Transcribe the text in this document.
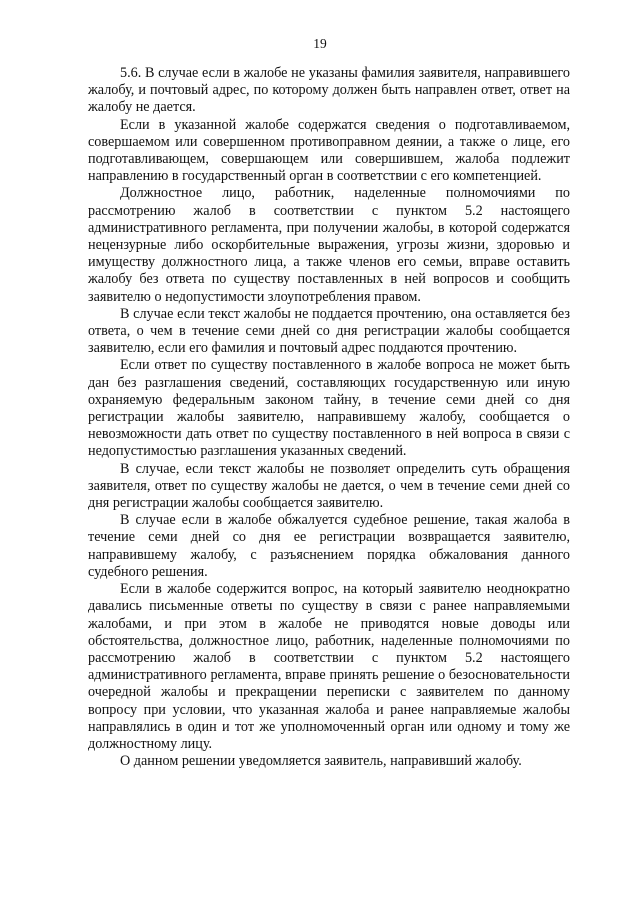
19

5.6. В случае если в жалобе не указаны фамилия заявителя, направившего жалобу, и почтовый адрес, по которому должен быть направлен ответ, ответ на жалобу не дается.

Если в указанной жалобе содержатся сведения о подготавливаемом, совершаемом или совершенном противоправном деянии, а также о лице, его подготавливающем, совершающем или совершившем, жалоба подлежит направлению в государственный орган в соответствии с его компетенцией.

Должностное лицо, работник, наделенные полномочиями по рассмотрению жалоб в соответствии с пунктом 5.2 настоящего административного регламента, при получении жалобы, в которой содержатся нецензурные либо оскорбительные выражения, угрозы жизни, здоровью и имуществу должностного лица, а также членов его семьи, вправе оставить жалобу без ответа по существу поставленных в ней вопросов и сообщить заявителю о недопустимости злоупотребления правом.

В случае если текст жалобы не поддается прочтению, она оставляется без ответа, о чем в течение семи дней со дня регистрации жалобы сообщается заявителю, если его фамилия и почтовый адрес поддаются прочтению.

Если ответ по существу поставленного в жалобе вопроса не может быть дан без разглашения сведений, составляющих государственную или иную охраняемую федеральным законом тайну, в течение семи дней со дня регистрации жалобы заявителю, направившему жалобу, сообщается о невозможности дать ответ по существу поставленного в ней вопроса в связи с недопустимостью разглашения указанных сведений.

В случае, если текст жалобы не позволяет определить суть обращения заявителя, ответ по существу жалобы не дается, о чем в течение семи дней со дня регистрации жалобы сообщается заявителю.

В случае если в жалобе обжалуется судебное решение, такая жалоба в течение семи дней со дня ее регистрации возвращается заявителю, направившему жалобу, с разъяснением порядка обжалования данного судебного решения.

Если в жалобе содержится вопрос, на который заявителю неоднократно давались письменные ответы по существу в связи с ранее направляемыми жалобами, и при этом в жалобе не приводятся новые доводы или обстоятельства, должностное лицо, работник, наделенные полномочиями по рассмотрению жалоб в соответствии с пунктом 5.2 настоящего административного регламента, вправе принять решение о безосновательности очередной жалобы и прекращении переписки с заявителем по данному вопросу при условии, что указанная жалоба и ранее направляемые жалобы направлялись в один и тот же уполномоченный орган или одному и тому же должностному лицу.

О данном решении уведомляется заявитель, направивший жалобу.
